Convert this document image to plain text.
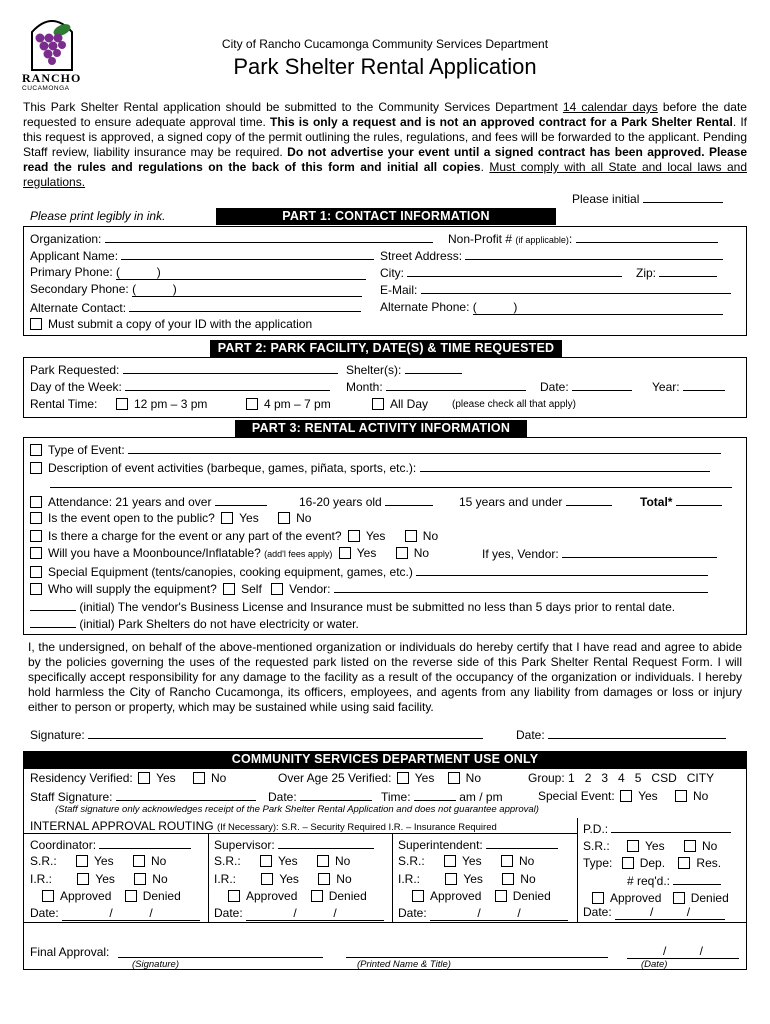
RANCHO
CUCAMONGA
City of Rancho Cucamonga Community Services Department
Park Shelter Rental Application
This Park Shelter Rental application should be submitted to the Community Services Department 14 calendar days before the date requested to ensure adequate approval time. This is only a request and is not an approved contract for a Park Shelter Rental. If this request is approved, a signed copy of the permit outlining the rules, regulations, and fees will be forwarded to the applicant. Pending Staff review, liability insurance may be required. Do not advertise your event until a signed contract has been approved. Please read the rules and regulations on the back of this form and initial all copies. Must comply with all State and local laws and regulations.
Please initial
Please print legibly in ink.	PART 1: CONTACT INFORMATION
Organization:	Non-Profit # (if applicable):
Applicant Name:	Street Address:
Primary Phone: (           )	City:	Zip:
Secondary Phone: (           )	E-Mail:
Alternate Contact:	Alternate Phone: (           )
Must submit a copy of your ID with the application
PART 2: PARK FACILITY, DATE(S) & TIME REQUESTED
Park Requested:	Shelter(s):
Day of the Week:	Month:	Date:	Year:
Rental Time:	12 pm – 3 pm	4 pm – 7 pm	All Day (please check all that apply)
PART 3: RENTAL ACTIVITY INFORMATION
Type of Event:
Description of event activities (barbeque, games, piñata, sports, etc.):
Attendance: 21 years and over	16-20 years old	15 years and under	Total*
Is the event open to the public? Yes	No
Is there a charge for the event or any part of the event? Yes	No
Will you have a Moonbounce/Inflatable? (add'l fees apply) Yes	No	If yes, Vendor:
Special Equipment (tents/canopies, cooking equipment, games, etc.)
Who will supply the equipment? Self Vendor:
(initial) The vendor's Business License and Insurance must be submitted no less than 5 days prior to rental date.
(initial) Park Shelters do not have electricity or water.
I, the undersigned, on behalf of the above-mentioned organization or individuals do hereby certify that I have read and agree to abide by the policies governing the uses of the requested park listed on the reverse side of this Park Shelter Rental Request Form. I will specifically accept responsibility for any damage to the facility as a result of the occupancy of the organization or individuals. I hereby hold harmless the City of Rancho Cucamonga, its officers, employees, and agents from any liability from damages or loss or injury either to person or property, which may be sustained while using said facility.
Signature:	Date:
COMMUNITY SERVICES DEPARTMENT USE ONLY
Residency Verified: Yes	No	Over Age 25 Verified: Yes	No	Group: 1   2   3   4   5   CSD   CITY
Staff Signature:	Date:	Time:	am / pm	Special Event: Yes	No
(Staff signature only acknowledges receipt of the Park Shelter Rental Application and does not guarantee approval)
INTERNAL APPROVAL ROUTING (If Necessary): S.R. – Security Required I.R. – Insurance Required
Coordinator:
S.R.:	Yes	No
I.R.:	Yes	No
Approved	Denied
Date:	/           /
Supervisor:
S.R.:	Yes	No
I.R.:	Yes	No
Approved	Denied
Date:	/           /
Superintendent:
S.R.:	Yes	No
I.R.:	Yes	No
Approved	Denied
Date:	/           /
P.D.:
S.R.:	Yes	No
Type: Dep.	Res.
# req'd.:
Approved Denied
Date:	/          /
Final Approval:	/          /
(Signature)	(Printed Name & Title)	(Date)
